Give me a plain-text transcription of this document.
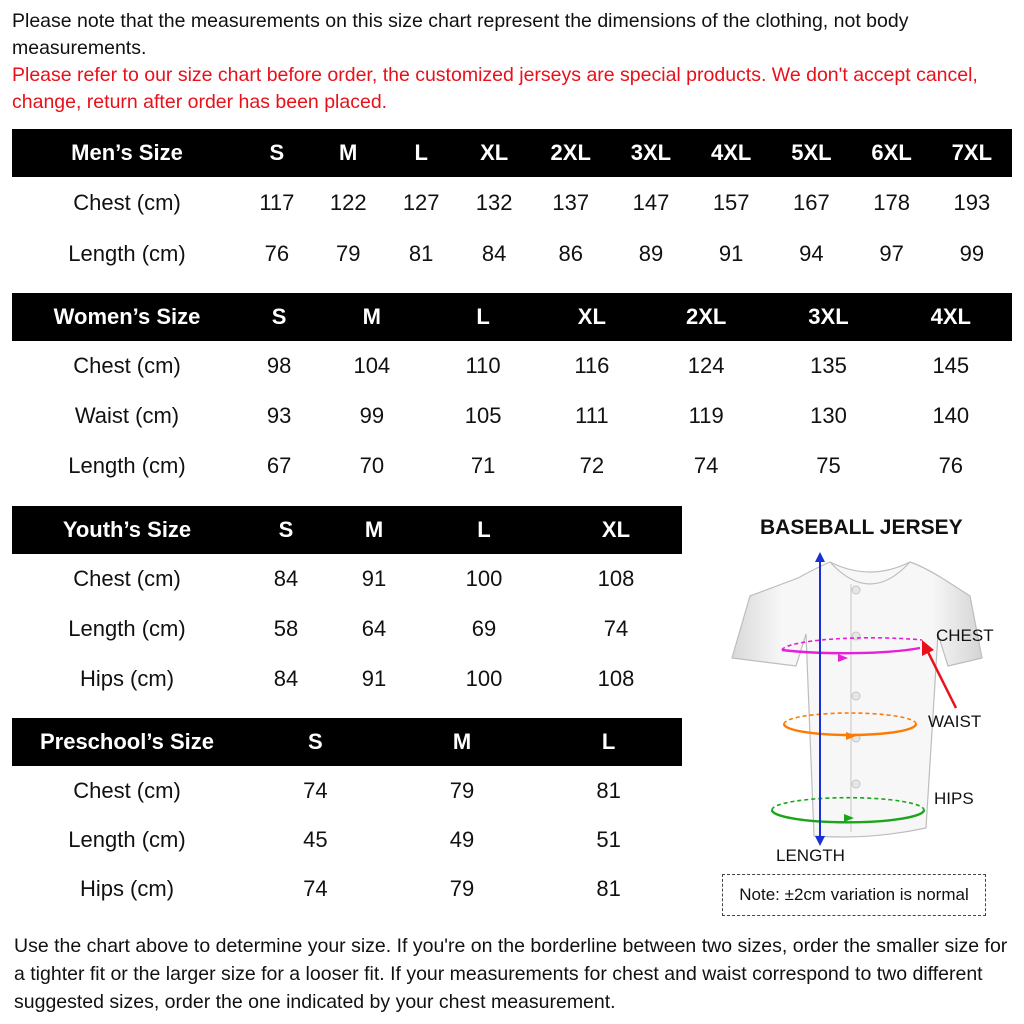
Please note that the measurements on this size chart represent the dimensions of the clothing, not body measurements.
Please refer to our size chart before order, the customized jerseys are special products. We don't accept cancel, change, return after order has been placed.
Men’s Size	S	M	L	XL	2XL	3XL	4XL	5XL	6XL	7XL
Chest (cm)	117	122	127	132	137	147	157	167	178	193
Length (cm)	76	79	81	84	86	89	91	94	97	99
Women’s Size	S	M	L	XL	2XL	3XL	4XL
Chest (cm)	98	104	110	116	124	135	145
Waist (cm)	93	99	105	111	119	130	140
Length (cm)	67	70	71	72	74	75	76
Youth’s Size	S	M	L	XL
Chest (cm)	84	91	100	108
Length (cm)	58	64	69	74
Hips (cm)	84	91	100	108
Preschool’s Size	S	M	L
Chest (cm)	74	79	81
Length (cm)	45	49	51
Hips (cm)	74	79	81
BASEBALL JERSEY
CHEST
WAIST
HIPS
LENGTH
Note: ±2cm variation is normal
Use the chart above to determine your size. If you're on the borderline between two sizes, order the smaller size for a tighter fit or the larger size for a looser fit. If your measurements for chest and waist correspond to two different suggested sizes, order the one indicated by your chest measurement.
